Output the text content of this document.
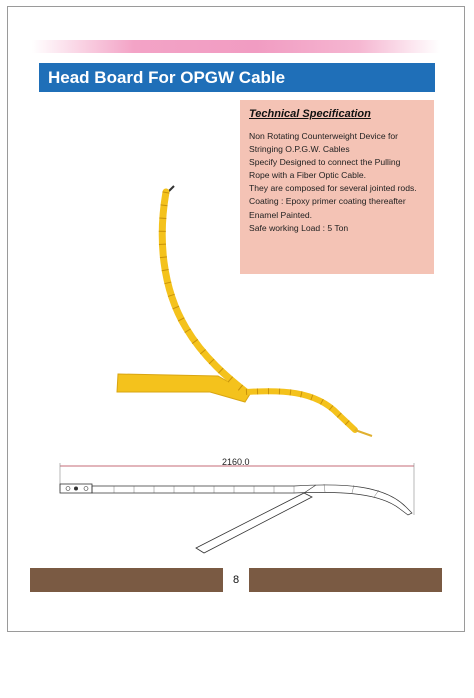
Head Board For OPGW Cable
Technical Specification
Non Rotating Counterweight Device for
Stringing O.P.G.W. Cables
Specify Designed to connect the Pulling
Rope with a Fiber Optic Cable.
They are composed for several jointed rods.
Coating : Epoxy primer coating thereafter
Enamel Painted.
Safe working Load : 5 Ton
2160.0
8
